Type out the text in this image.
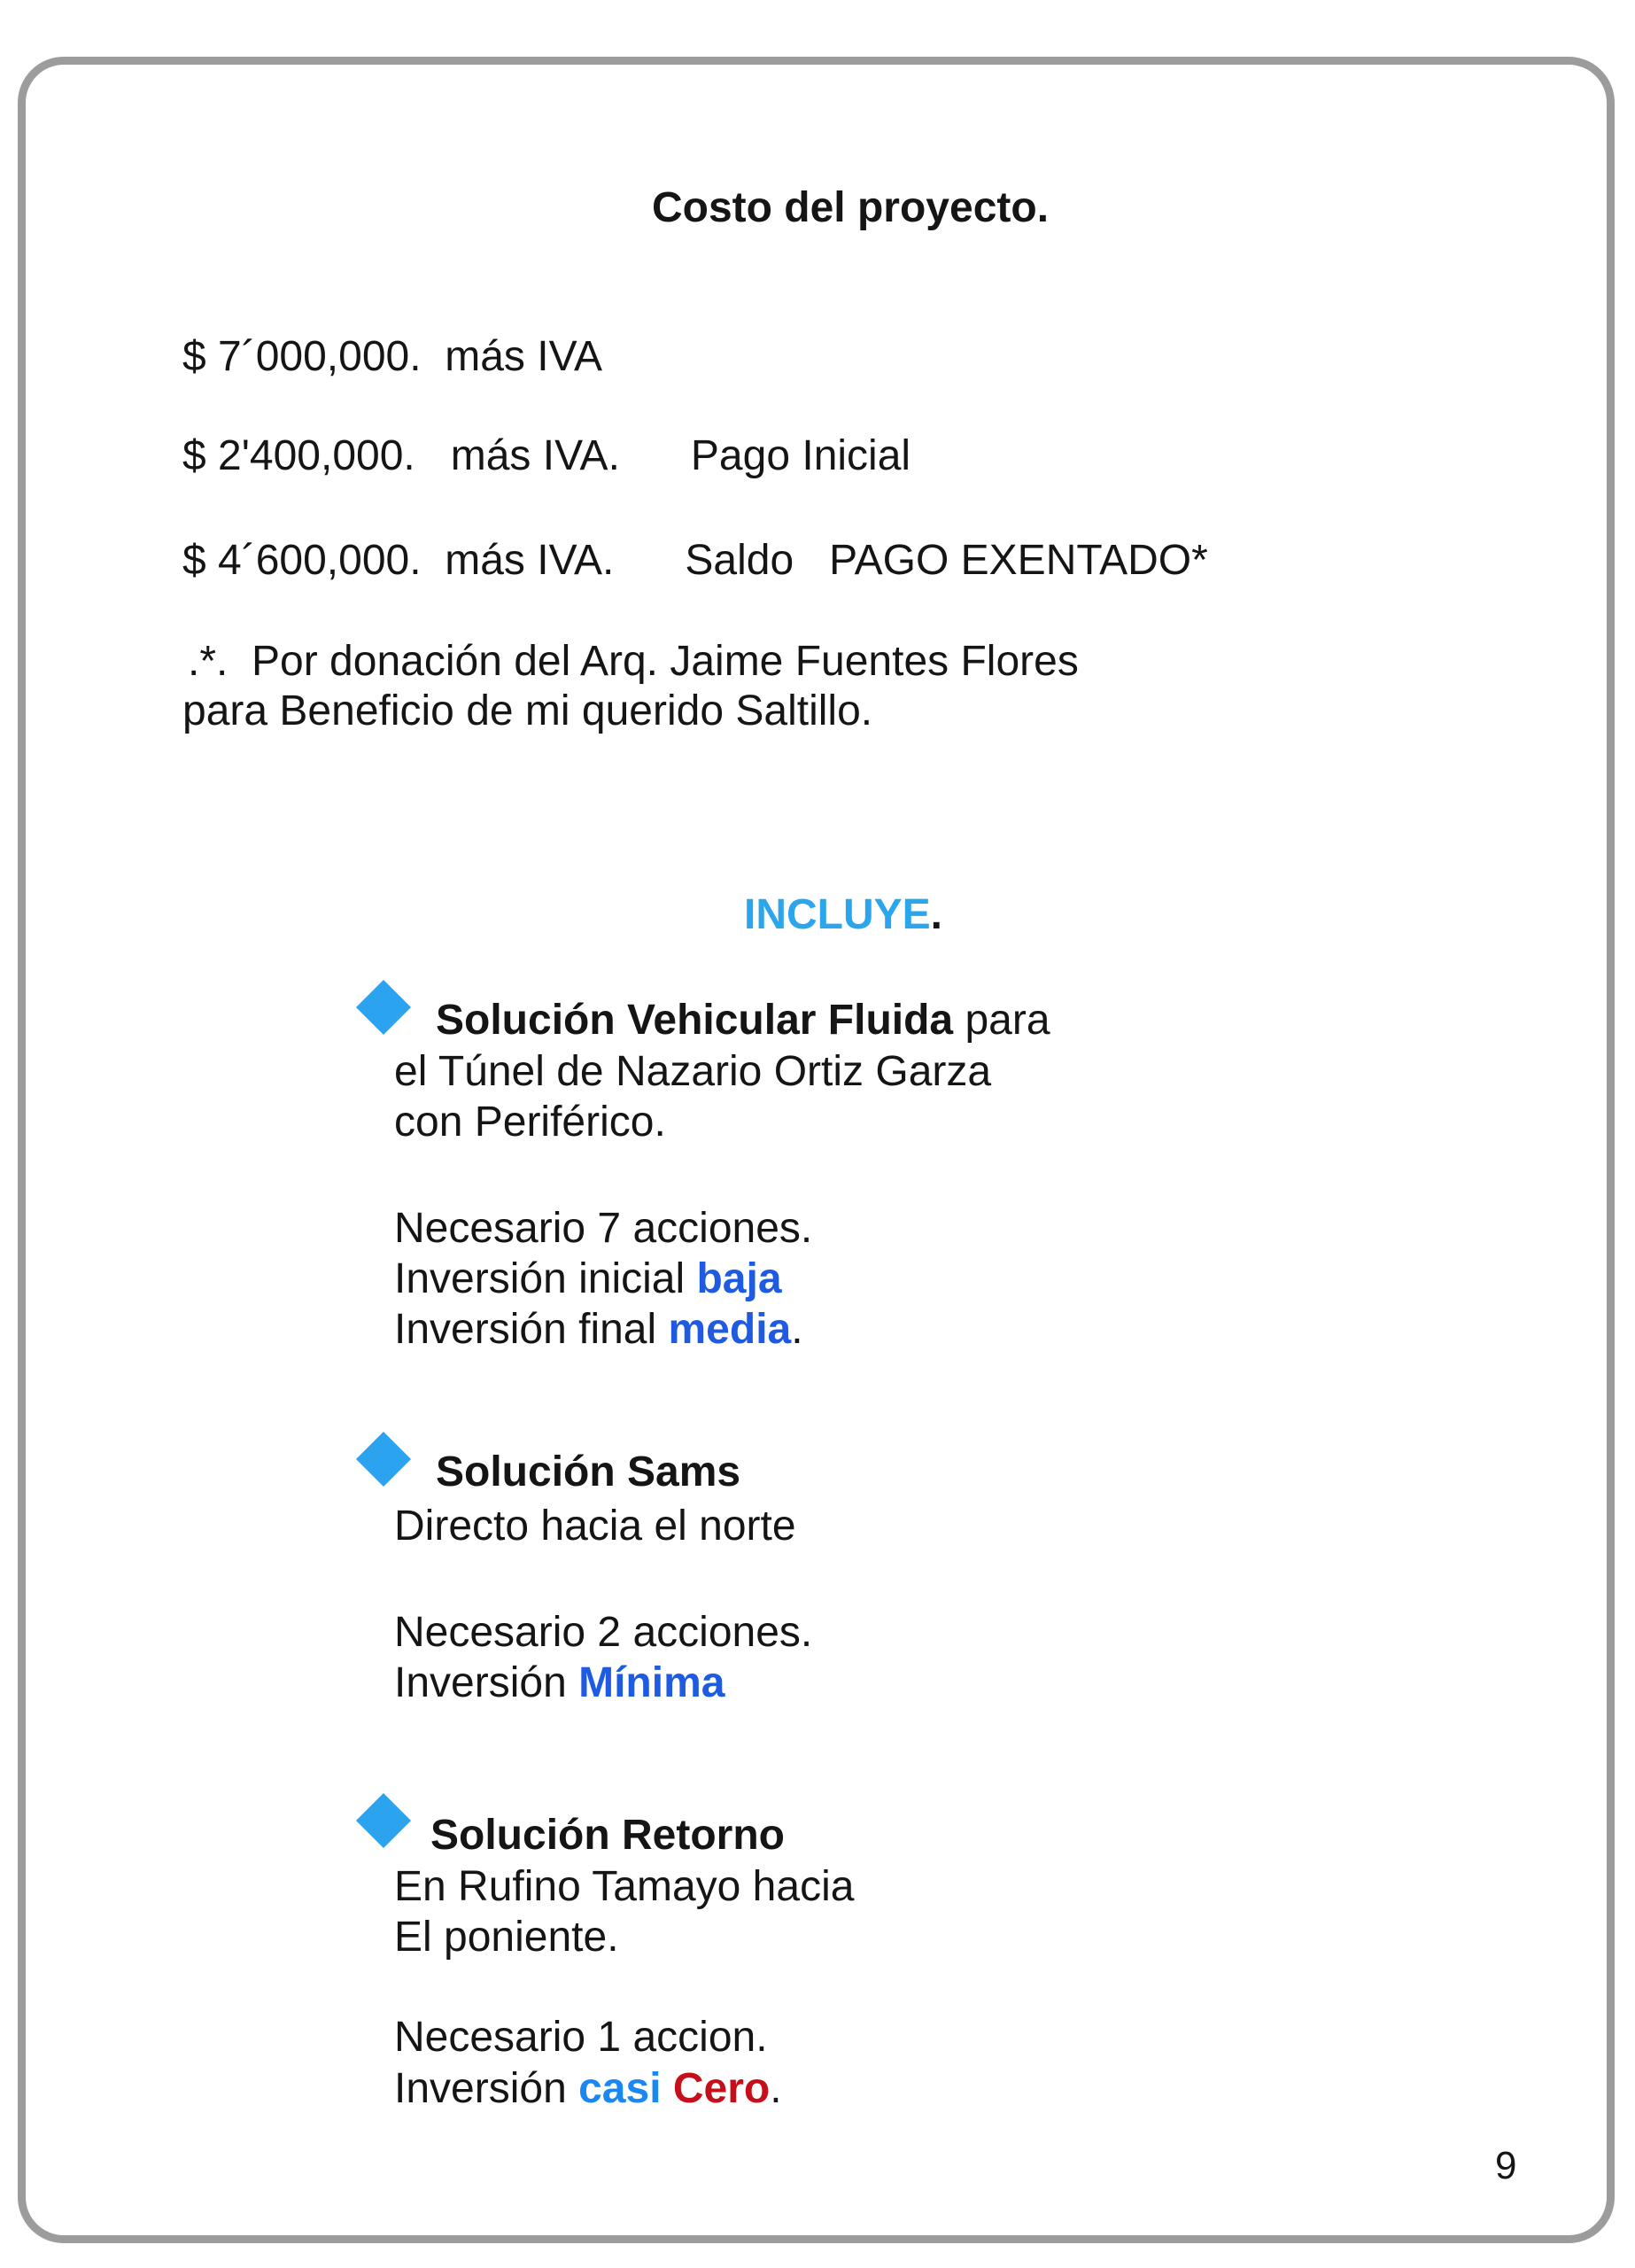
Costo del proyecto.
$ 7´000,000.  más IVA
$ 2'400,000.   más IVA.      Pago Inicial
$ 4´600,000.  más IVA.      Saldo   PAGO EXENTADO*
.*.  Por donación del Arq. Jaime Fuentes Flores
para Beneficio de mi querido Saltillo.
INCLUYE.
Solución Vehicular Fluida para
el Túnel de Nazario Ortiz Garza
con Periférico.
Necesario 7 acciones.
Inversión inicial baja
Inversión final media.
Solución Sams
Directo hacia el norte
Necesario 2 acciones.
Inversión Mínima
Solución Retorno
En Rufino Tamayo hacia
El poniente.
Necesario 1 accion.
Inversión casi Cero.
9
